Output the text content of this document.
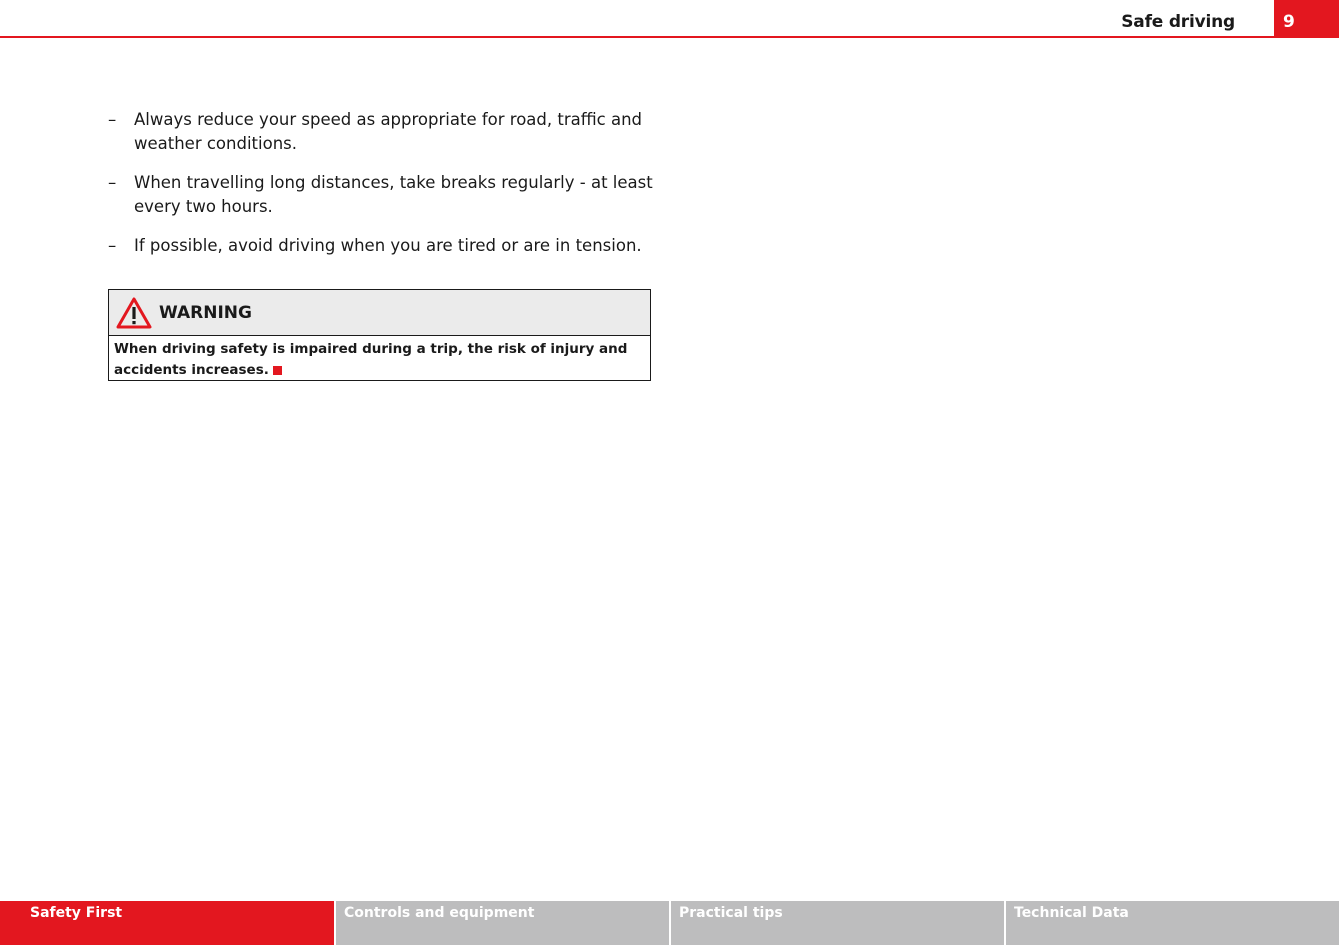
Safe driving	9
– Always reduce your speed as appropriate for road, traffic and weather conditions.
– When travelling long distances, take breaks regularly - at least every two hours.
– If possible, avoid driving when you are tired or are in tension.
WARNING
When driving safety is impaired during a trip, the risk of injury and accidents increases.
Safety First	Controls and equipment	Practical tips	Technical Data
